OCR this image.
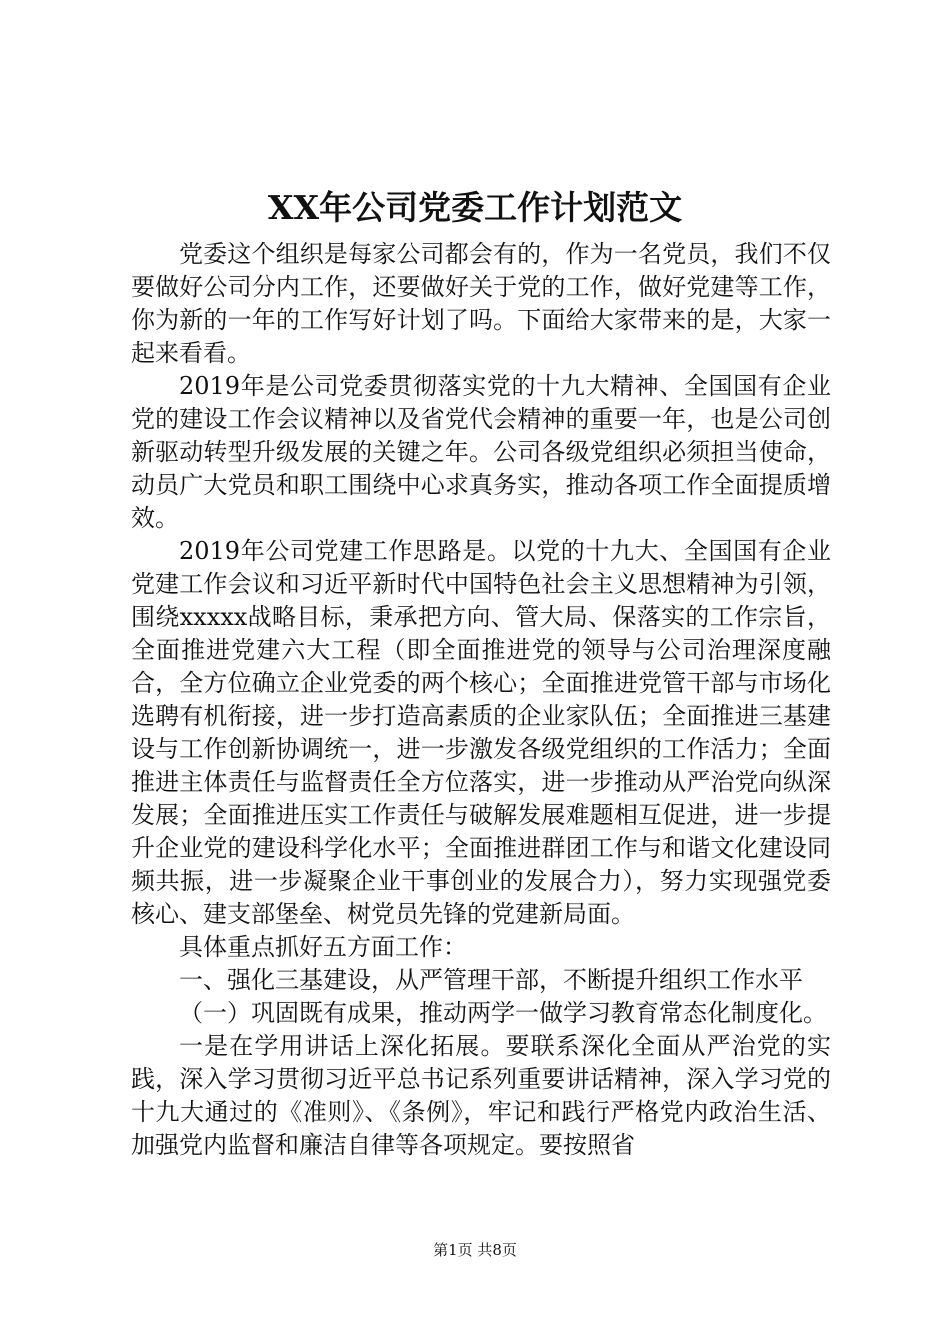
XX年公司党委工作计划范文

党委这个组织是每家公司都会有的，作为一名党员，我们不仅要做好公司分内工作，还要做好关于党的工作，做好党建等工作，你为新的一年的工作写好计划了吗。下面给大家带来的是，大家一起来看看。

2019年是公司党委贯彻落实党的十九大精神、全国国有企业党的建设工作会议精神以及省党代会精神的重要一年，也是公司创新驱动转型升级发展的关键之年。公司各级党组织必须担当使命，动员广大党员和职工围绕中心求真务实，推动各项工作全面提质增效。

2019年公司党建工作思路是。以党的十九大、全国国有企业党建工作会议和习近平新时代中国特色社会主义思想精神为引领，围绕xxxxx战略目标，秉承把方向、管大局、保落实的工作宗旨，全面推进党建六大工程（即全面推进党的领导与公司治理深度融合，全方位确立企业党委的两个核心；全面推进党管干部与市场化选聘有机衔接，进一步打造高素质的企业家队伍；全面推进三基建设与工作创新协调统一，进一步激发各级党组织的工作活力；全面推进主体责任与监督责任全方位落实，进一步推动从严治党向纵深发展；全面推进压实工作责任与破解发展难题相互促进，进一步提升企业党的建设科学化水平；全面推进群团工作与和谐文化建设同频共振，进一步凝聚企业干事创业的发展合力），努力实现强党委核心、建支部堡垒、树党员先锋的党建新局面。

具体重点抓好五方面工作：

一、强化三基建设，从严管理干部，不断提升组织工作水平

（一）巩固既有成果，推动两学一做学习教育常态化制度化。

一是在学用讲话上深化拓展。要联系深化全面从严治党的实践，深入学习贯彻习近平总书记系列重要讲话精神，深入学习党的十九大通过的《准则》、《条例》，牢记和践行严格党内政治生活、加强党内监督和廉洁自律等各项规定。要按照省

第1页 共8页
